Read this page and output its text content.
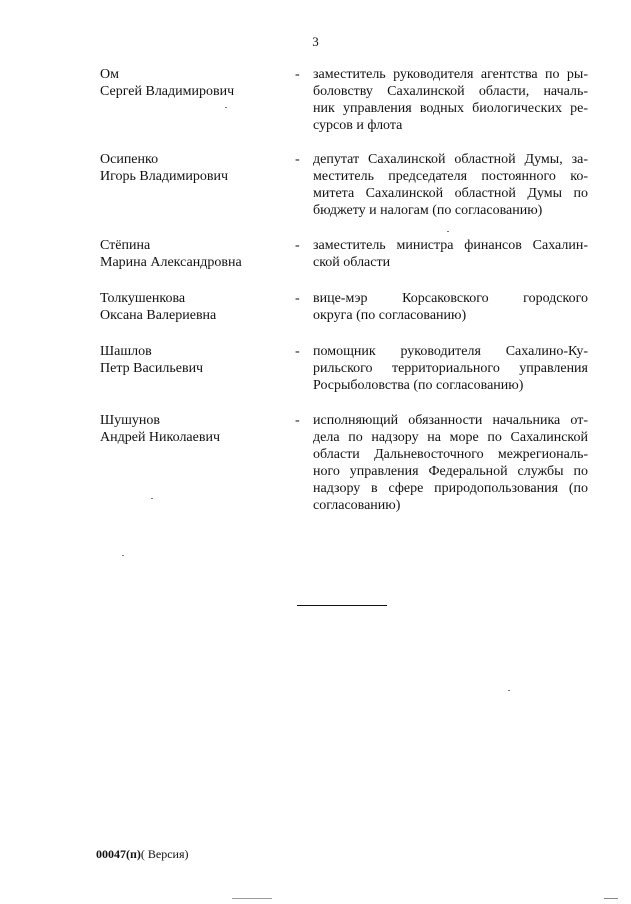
3
Ом
Сергей Владимирович
- заместитель руководителя агентства по ры-
боловству Сахалинской области, началь-
ник управления водных биологических ре-
сурсов и флота
Осипенко
Игорь Владимирович
- депутат Сахалинской областной Думы, за-
меститель председателя постоянного ко-
митета Сахалинской областной Думы по
бюджету и налогам (по согласованию)
Стёпина
Марина Александровна
- заместитель министра финансов Сахалин-
ской области
Толкушенкова
Оксана Валериевна
- вице-мэр Корсаковского городского
округа (по согласованию)
Шашлов
Петр Васильевич
- помощник руководителя Сахалино-Ку-
рильского территориального управления
Росрыболовства (по согласованию)
Шушунов
Андрей Николаевич
- исполняющий обязанности начальника от-
дела по надзору на море по Сахалинской
области Дальневосточного межрегиональ-
ного управления Федеральной службы по
надзору в сфере природопользования (по
согласованию)
00047(п)( Версия)
